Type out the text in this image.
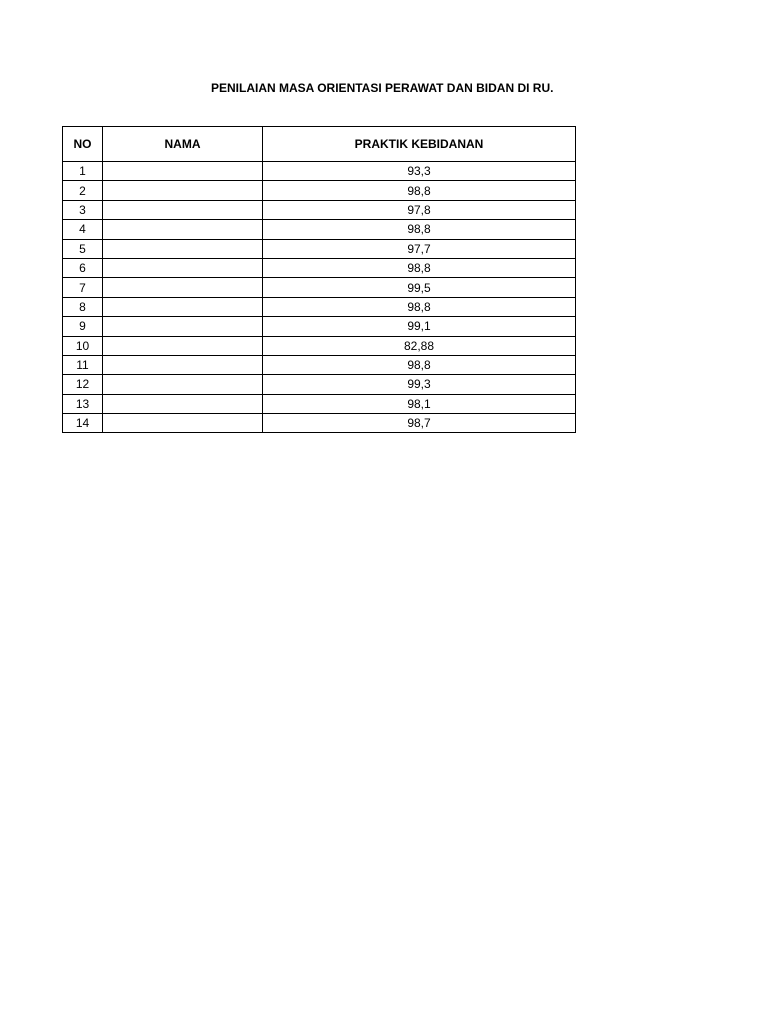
PENILAIAN MASA ORIENTASI PERAWAT DAN BIDAN DI RU.
NO	NAMA	PRAKTIK KEBIDANAN
1		93,3
2		98,8
3		97,8
4		98,8
5		97,7
6		98,8
7		99,5
8		98,8
9		99,1
10		82,88
11		98,8
12		99,3
13		98,1
14		98,7
